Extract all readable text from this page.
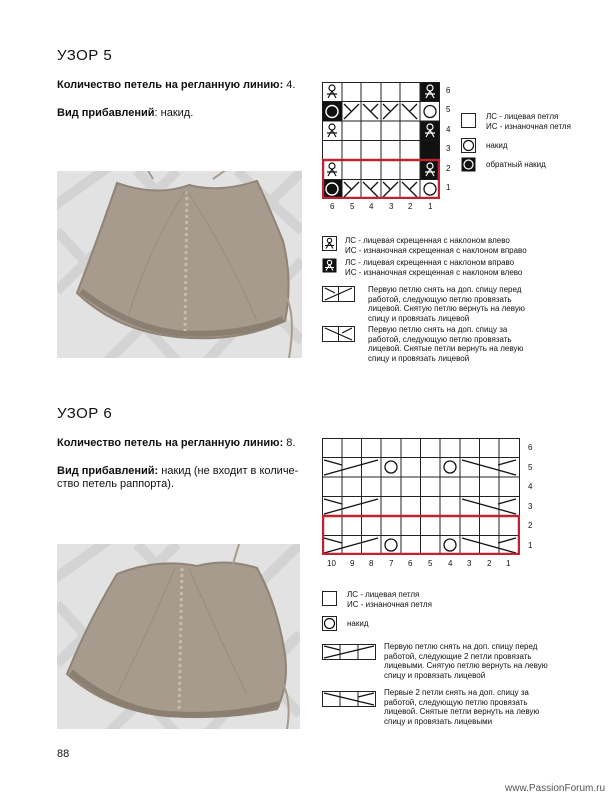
УЗОР 5
Количество петель на регланную линию: 4.
Вид прибавлений: накид.
6
5
4
3
2
1
6 5 4 3 2 1
ЛС - лицевая петля
ИС - изнаночная петля
накид
обратный накид
ЛС - лицевая скрещенная с наклоном влево
ИС - изнаночная скрещенная с наклоном вправо
ЛС - лицевая скрещенная с наклоном вправо
ИС - изнаночная скрещенная с наклоном влево
Первую петлю снять на доп. спицу перед
работой, следующую петлю провязать
лицевой. Снятую петлю вернуть на левую
спицу и провязать лицевой
Первую петлю снять на доп. спицу за
работой, следующую петлю провязать
лицевой. Снятые петли вернуть на левую
спицу и провязать лицевой
УЗОР 6
Количество петель на регланную линию: 8.
Вид прибавлений: накид (не входит в количе-
ство петель раппорта).
6
5
4
3
2
1
10 9 8 7 6 5 4 3 2 1
ЛС - лицевая петля
ИС - изнаночная петля
накид
Первую петлю снять на доп. спицу перед
работой, следующие 2 петли провязать
лицевыми. Снятую петлю вернуть на левую
спицу и провязать лицевой
Первые 2 петли снять на доп. спицу за
работой, следующую петлю провязать
лицевой. Снятые петли вернуть на левую
спицу и провязать лицевыми
88
www.PassionForum.ru
